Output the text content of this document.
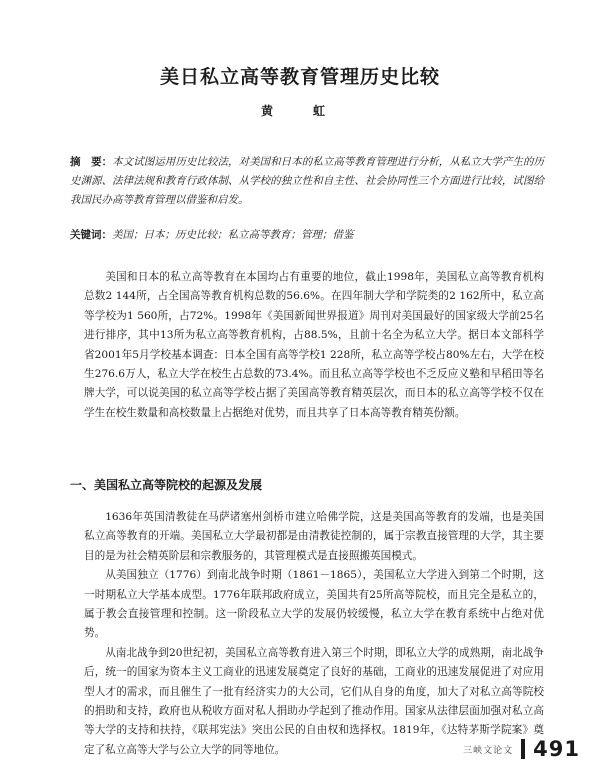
美日私立高等教育管理历史比较
黄　虹
摘　要：本文试图运用历史比较法，对美国和日本的私立高等教育管理进行分析，从私立大学产生的历史渊源、法律法规和教育行政体制、从学校的独立性和自主性、社会协同性三个方面进行比较，试图给我国民办高等教育管理以借鉴和启发。
关键词：美国；日本；历史比较；私立高等教育；管理；借鉴

美国和日本的私立高等教育在本国均占有重要的地位，截止1998年，美国私立高等教育机构总数2 144所，占全国高等教育机构总数的56.6%。在四年制大学和学院类的2 162所中，私立高等学校为1 560所，占72%。1998年《美国新闻世界报道》周刊对美国最好的国家级大学前25名进行排序，其中13所为私立高等教育机构，占88.5%，且前十名全为私立大学。据日本文部科学省2001年5月学校基本调查：日本全国有高等学校1 228所，私立高等学校占80%左右，大学在校生276.6万人，私立大学在校生占总数的73.4%。而且私立高等学校也不乏反应义塾和早稻田等名牌大学，可以说美国的私立高等学校占据了美国高等教育精英层次，而日本的私立高等学校不仅在学生在校生数量和高校数量上占据绝对优势，而且共享了日本高等教育精英份额。

一、美国私立高等院校的起源及发展

1636年英国清教徒在马萨诸塞州剑桥市建立哈佛学院，这是美国高等教育的发端，也是美国私立高等教育的开端。美国私立大学最初都是由清教徒控制的，属于宗教直接管理的大学，其主要目的是为社会精英阶层和宗教服务的，其管理模式是直接照搬英国模式。

从美国独立（1776）到南北战争时期（1861－1865），美国私立大学进入到第二个时期，这一时期私立大学基本成型。1776年联邦政府成立，美国共有25所高等院校，而且完全是私立的，属于教会直接管理和控制。这一阶段私立大学的发展仍较缓慢，私立大学在教育系统中占绝对优势。

从南北战争到20世纪初，美国私立高等教育进入第三个时期，即私立大学的成熟期，南北战争后，统一的国家为资本主义工商业的迅速发展奠定了良好的基础，工商业的迅速发展促进了对应用型人才的需求，而且催生了一批有经济实力的大公司，它们从自身的角度，加大了对私立高等院校的捐助和支持，政府也从税收方面对私人捐助办学起到了推动作用。国家从法律层面加强对私立高等大学的支持和扶持，《联邦宪法》突出公民的自由权和选择权。1819年，《达特茅斯学院案》奠定了私立高等大学与公立大学的同等地位。	三峡文论文 491
